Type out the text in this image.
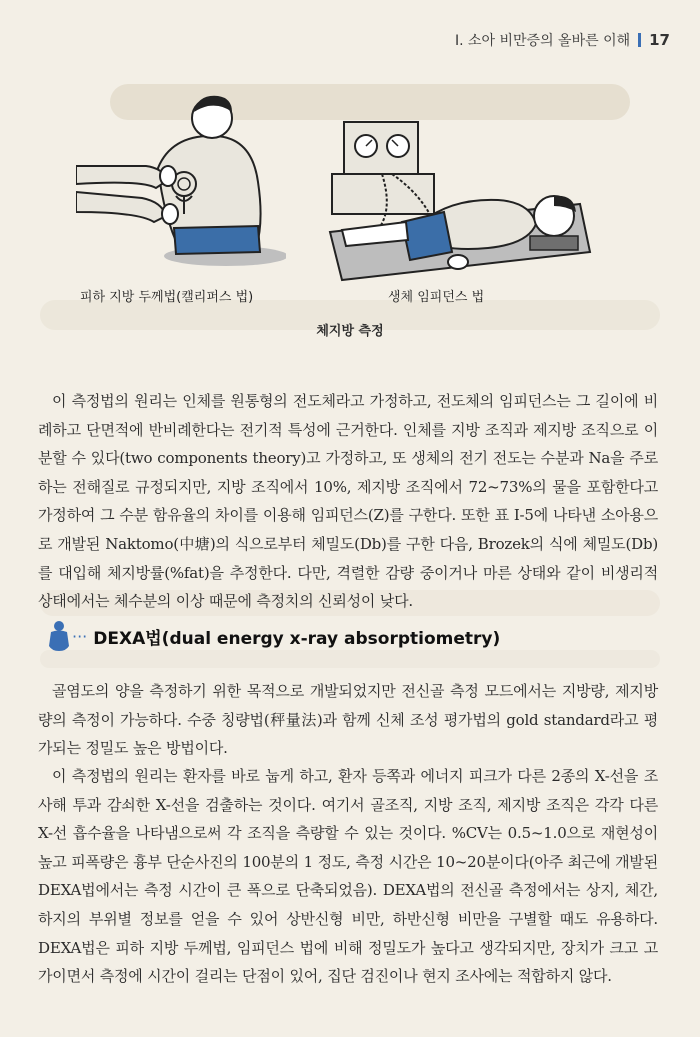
I. 소아 비만증의 올바른 이해 17
피하 지방 두께법(캘리퍼스 법)	생체 임피던스 법
체지방 측정
이 측정법의 원리는 인체를 원통형의 전도체라고 가정하고, 전도체의 임피던스는 그 길이에 비례하고 단면적에 반비례한다는 전기적 특성에 근거한다. 인체를 지방 조직과 제지방 조직으로 이분할 수 있다(two components theory)고 가정하고, 또 생체의 전기 전도는 수분과 Na을 주로 하는 전해질로 규정되지만, 지방 조직에서 10%, 제지방 조직에서 72~73%의 물을 포함한다고 가정하여 그 수분 함유율의 차이를 이용해 임피던스(Z)를 구한다. 또한 표 I-5에 나타낸 소아용으로 개발된 Naktomo(中塘)의 식으로부터 체밀도(Db)를 구한 다음, Brozek의 식에 체밀도(Db)를 대입해 체지방률(%fat)을 추정한다. 다만, 격렬한 감량 중이거나 마른 상태와 같이 비생리적 상태에서는 체수분의 이상 때문에 측정치의 신뢰성이 낮다.
··· DEXA법(dual energy x-ray absorptiometry)
골염도의 양을 측정하기 위한 목적으로 개발되었지만 전신골 측정 모드에서는 지방량, 제지방량의 측정이 가능하다. 수중 칭량법(秤量法)과 함께 신체 조성 평가법의 gold standard라고 평가되는 정밀도 높은 방법이다.
이 측정법의 원리는 환자를 바로 눕게 하고, 환자 등쪽과 에너지 피크가 다른 2종의 X-선을 조사해 투과 감쇠한 X-선을 검출하는 것이다. 여기서 골조직, 지방 조직, 제지방 조직은 각각 다른 X-선 흡수율을 나타냄으로써 각 조직을 측량할 수 있는 것이다. %CV는 0.5~1.0으로 재현성이 높고 피폭량은 흉부 단순사진의 100분의 1 정도, 측정 시간은 10~20분이다(아주 최근에 개발된 DEXA법에서는 측정 시간이 큰 폭으로 단축되었음). DEXA법의 전신골 측정에서는 상지, 체간, 하지의 부위별 정보를 얻을 수 있어 상반신형 비만, 하반신형 비만을 구별할 때도 유용하다. DEXA법은 피하 지방 두께법, 임피던스 법에 비해 정밀도가 높다고 생각되지만, 장치가 크고 고가이면서 측정에 시간이 걸리는 단점이 있어, 집단 검진이나 현지 조사에는 적합하지 않다.
